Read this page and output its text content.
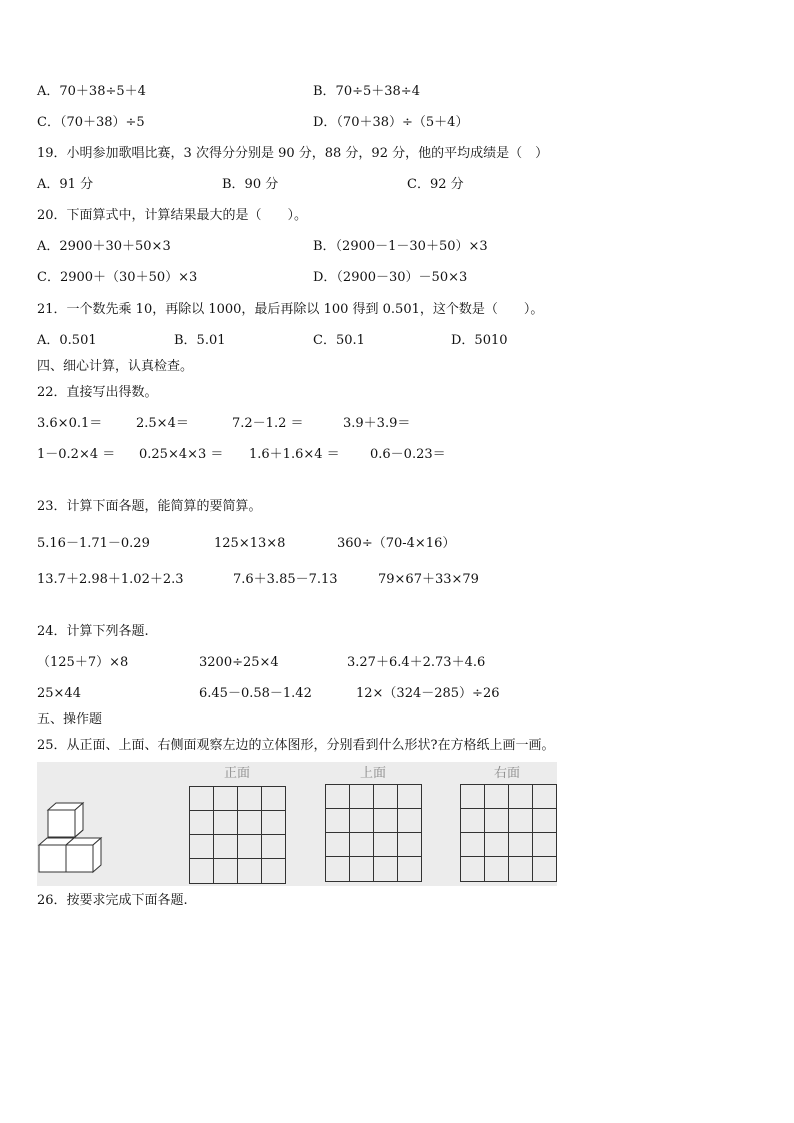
A．70＋38÷5＋4	B．70÷5＋38÷4
C．（70＋38）÷5	D．（70＋38）÷（5＋4）
19．小明参加歌唱比赛，3 次得分分别是 90 分，88 分，92 分，他的平均成绩是（　）
A．91 分	B．90 分	C．92 分
20．下面算式中，计算结果最大的是（　　）。
A．2900＋30＋50×3	B．（2900－1－30＋50）×3
C．2900＋（30＋50）×3	D．（2900－30）－50×3
21．一个数先乘 10，再除以 1000，最后再除以 100 得到 0.501，这个数是（　　）。
A．0.501	B．5.01	C．50.1	D．5010
四、细心计算，认真检查。
22．直接写出得数。
3.6×0.1＝	2.5×4＝	7.2－1.2 ＝	3.9＋3.9＝
1－0.2×4 ＝ 0.25×4×3 ＝ 1.6＋1.6×4 ＝ 0.6－0.23＝
23．计算下面各题，能简算的要简算。
5.16－1.71－0.29	125×13×8	360÷（70-4×16）
13.7＋2.98＋1.02＋2.3	7.6＋3.85－7.13	79×67＋33×79
24．计算下列各题.
（125＋7）×8	3200÷25×4	3.27＋6.4＋2.73＋4.6
25×44	6.45－0.58－1.42	12×（324－285）÷26
五、操作题
25．从正面、上面、右侧面观察左边的立体图形，分别看到什么形状?在方格纸上画一画。
正面	上面	右面
26．按要求完成下面各题.
